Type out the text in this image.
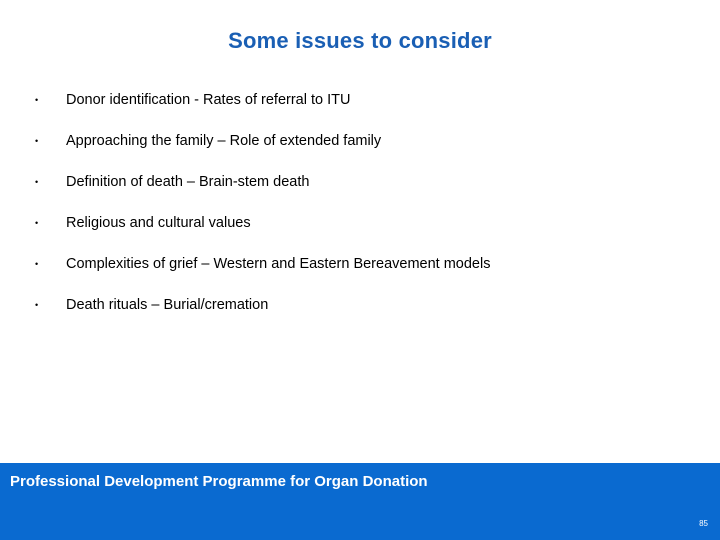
Some issues to consider
• Donor identification - Rates of referral to ITU
• Approaching the family – Role of extended family
• Definition of death – Brain-stem death
• Religious and cultural values
• Complexities of grief – Western and Eastern Bereavement models
• Death rituals – Burial/cremation
Professional Development Programme for Organ Donation
85
